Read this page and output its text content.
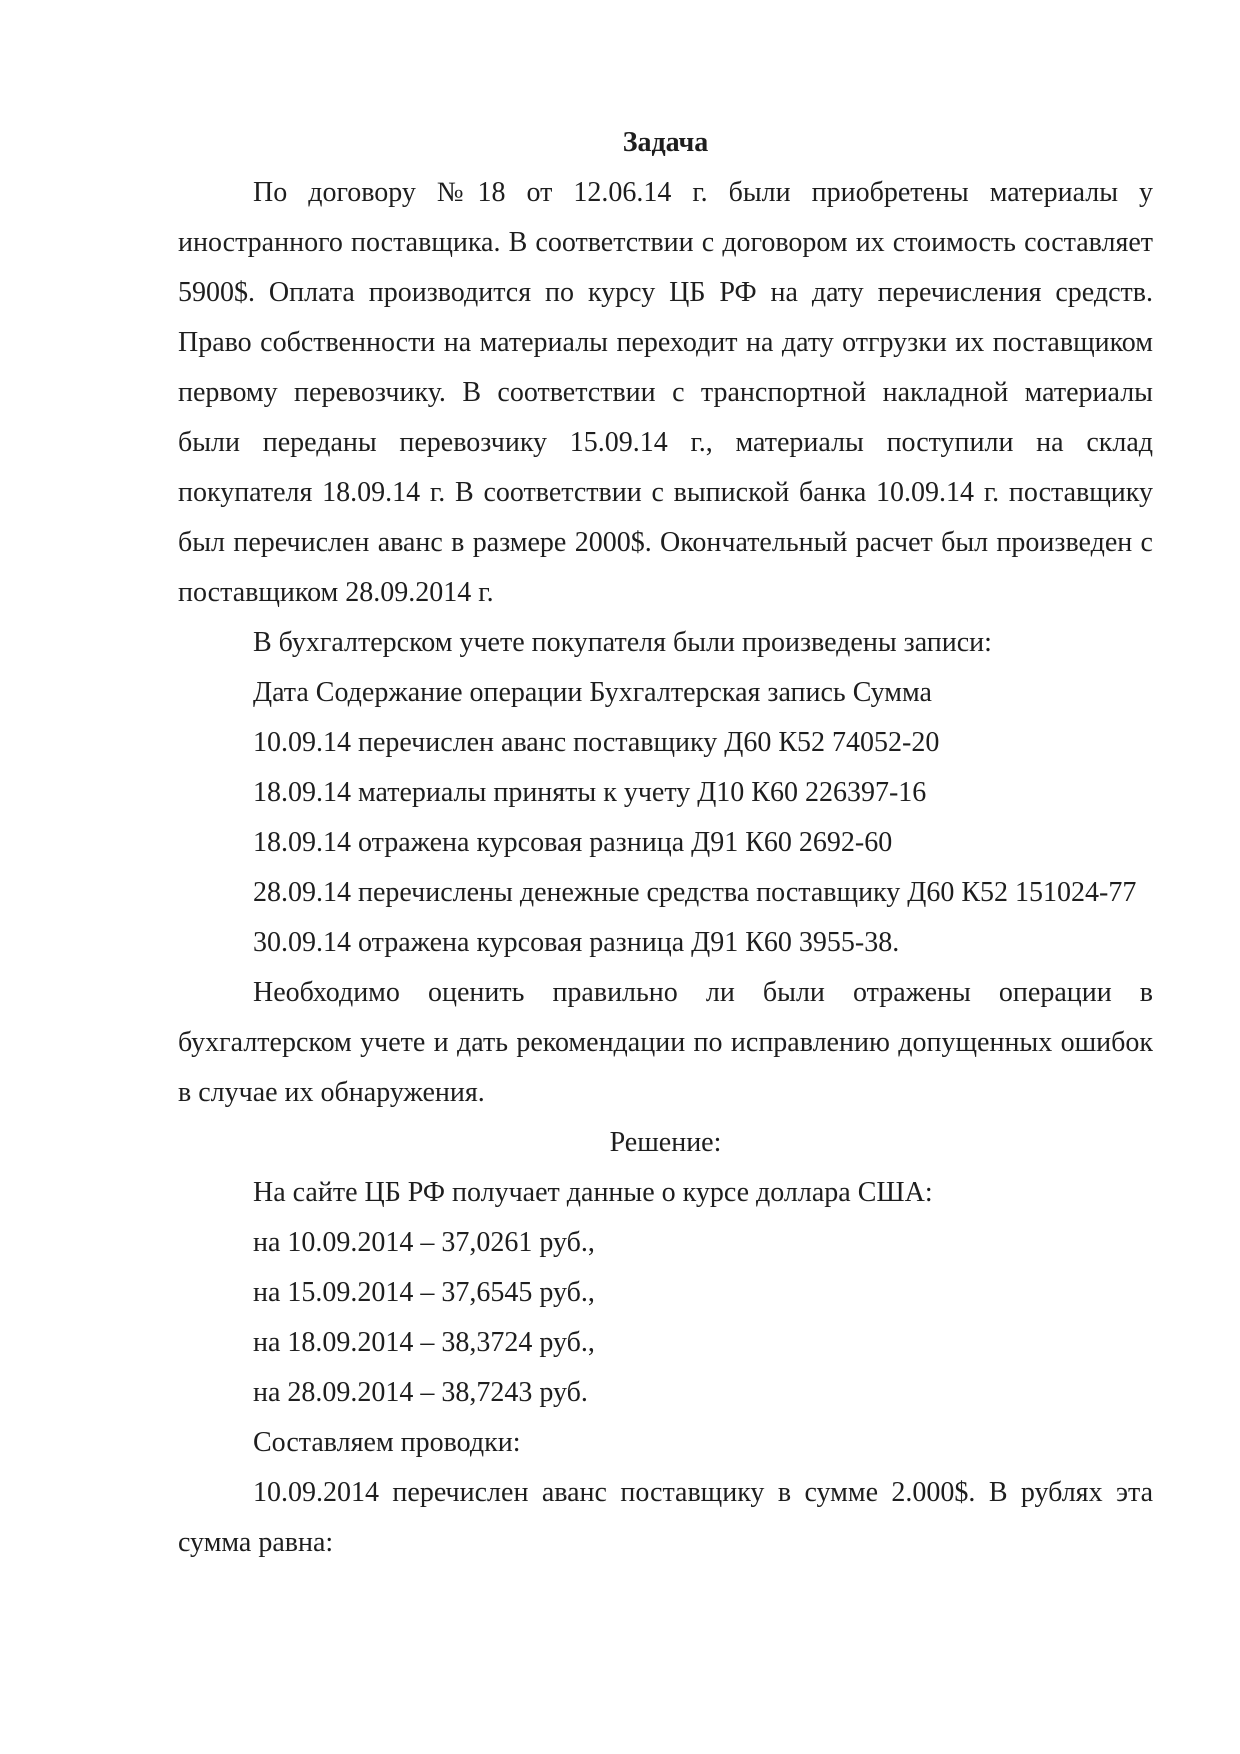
Задача
По договору №18 от 12.06.14 г. были приобретены материалы у иностранного поставщика. В соответствии с договором их стоимость составляет 5900$. Оплата производится по курсу ЦБ РФ на дату перечисления средств. Право собственности на материалы переходит на дату отгрузки их поставщиком первому перевозчику. В соответствии с транспортной накладной материалы были переданы перевозчику 15.09.14 г., материалы поступили на склад покупателя 18.09.14 г. В соответствии с выпиской банка 10.09.14 г. поставщику был перечислен аванс в размере 2000$. Окончательный расчет был произведен с поставщиком 28.09.2014 г.
В бухгалтерском учете покупателя были произведены записи:
Дата Содержание операции Бухгалтерская запись Сумма
10.09.14 перечислен аванс поставщику Д60 К52 74052-20
18.09.14 материалы приняты к учету Д10 К60 226397-16
18.09.14 отражена курсовая разница Д91 К60 2692-60
28.09.14 перечислены денежные средства поставщику Д60 К52 151024-77
30.09.14 отражена курсовая разница Д91 К60 3955-38.
Необходимо оценить правильно ли были отражены операции в бухгалтерском учете и дать рекомендации по исправлению допущенных ошибок в случае их обнаружения.
Решение:
На сайте ЦБ РФ получает данные о курсе доллара США:
на 10.09.2014 – 37,0261 руб.,
на 15.09.2014 – 37,6545 руб.,
на 18.09.2014 – 38,3724 руб.,
на 28.09.2014 – 38,7243 руб.
Составляем проводки:
10.09.2014 перечислен аванс поставщику в сумме 2.000$. В рублях эта сумма равна:
